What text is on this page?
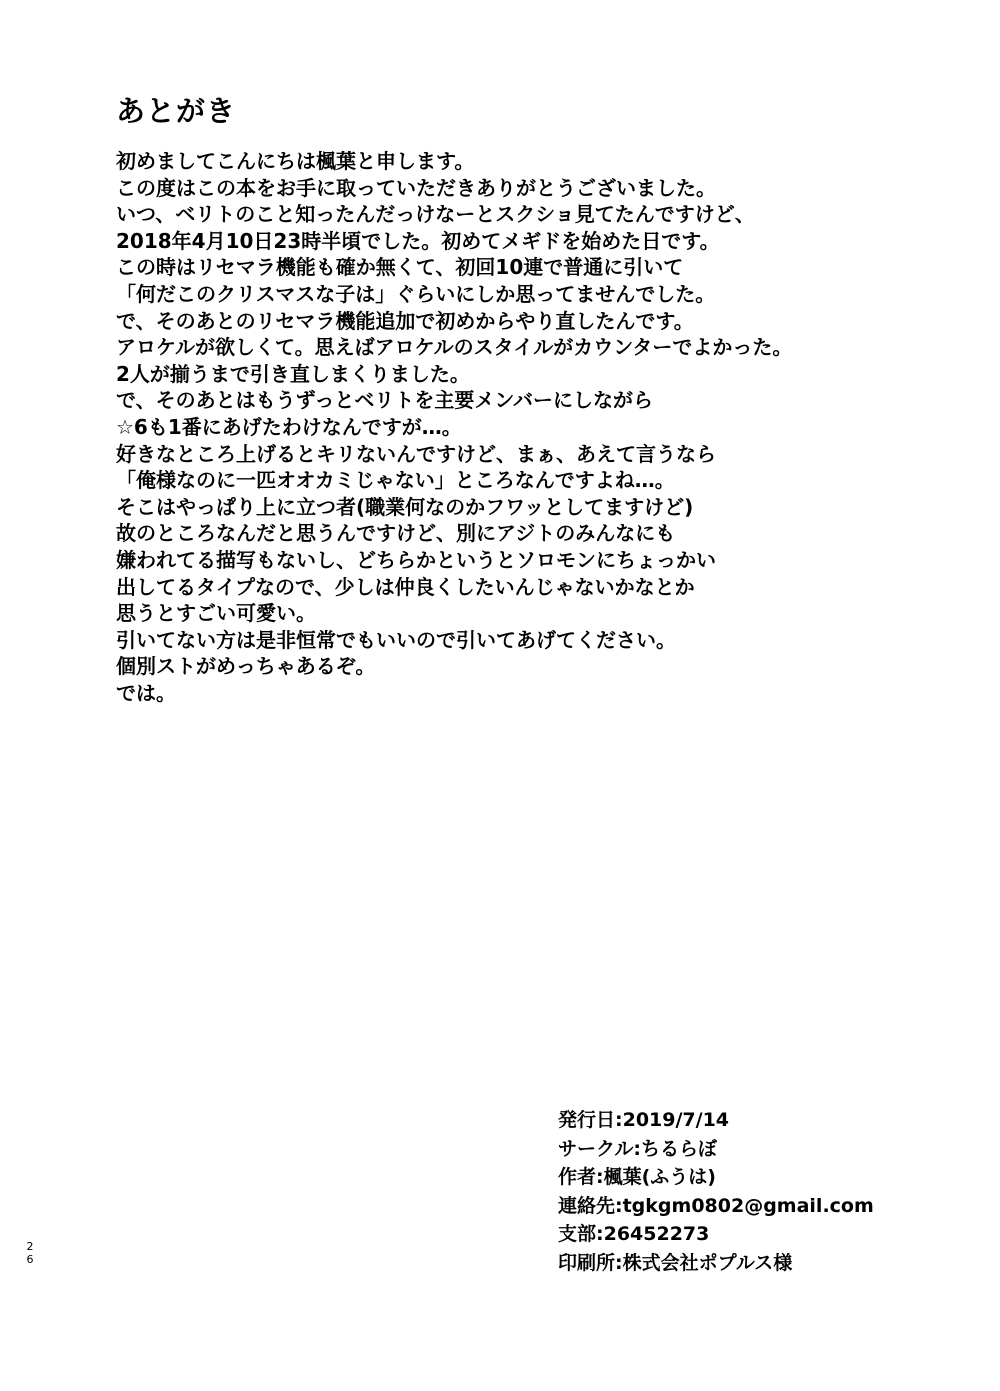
あとがき
初めましてこんにちは楓葉と申します。
この度はこの本をお手に取っていただきありがとうございました。
いつ、ベリトのこと知ったんだっけなーとスクショ見てたんですけど、
2018年4月10日23時半頃でした。初めてメギドを始めた日です。
この時はリセマラ機能も確か無くて、初回10連で普通に引いて
「何だこのクリスマスな子は」ぐらいにしか思ってませんでした。
で、そのあとのリセマラ機能追加で初めからやり直したんです。
アロケルが欲しくて。思えばアロケルのスタイルがカウンターでよかった。
2人が揃うまで引き直しまくりました。
で、そのあとはもうずっとベリトを主要メンバーにしながら
☆6も1番にあげたわけなんですが…。
好きなところ上げるとキリないんですけど、まぁ、あえて言うなら
「俺様なのに一匹オオカミじゃない」ところなんですよね…。
そこはやっぱり上に立つ者(職業何なのかフワッとしてますけど)
故のところなんだと思うんですけど、別にアジトのみんなにも
嫌われてる描写もないし、どちらかというとソロモンにちょっかい
出してるタイプなので、少しは仲良くしたいんじゃないかなとか
思うとすごい可愛い。
引いてない方は是非恒常でもいいので引いてあげてください。
個別ストがめっちゃあるぞ。
では。
発行日:2019/7/14
サークル:ちるらぼ
作者:楓葉(ふうは)
連絡先:tgkgm0802@gmail.com
支部:26452273
印刷所:株式会社ポプルス様
26
